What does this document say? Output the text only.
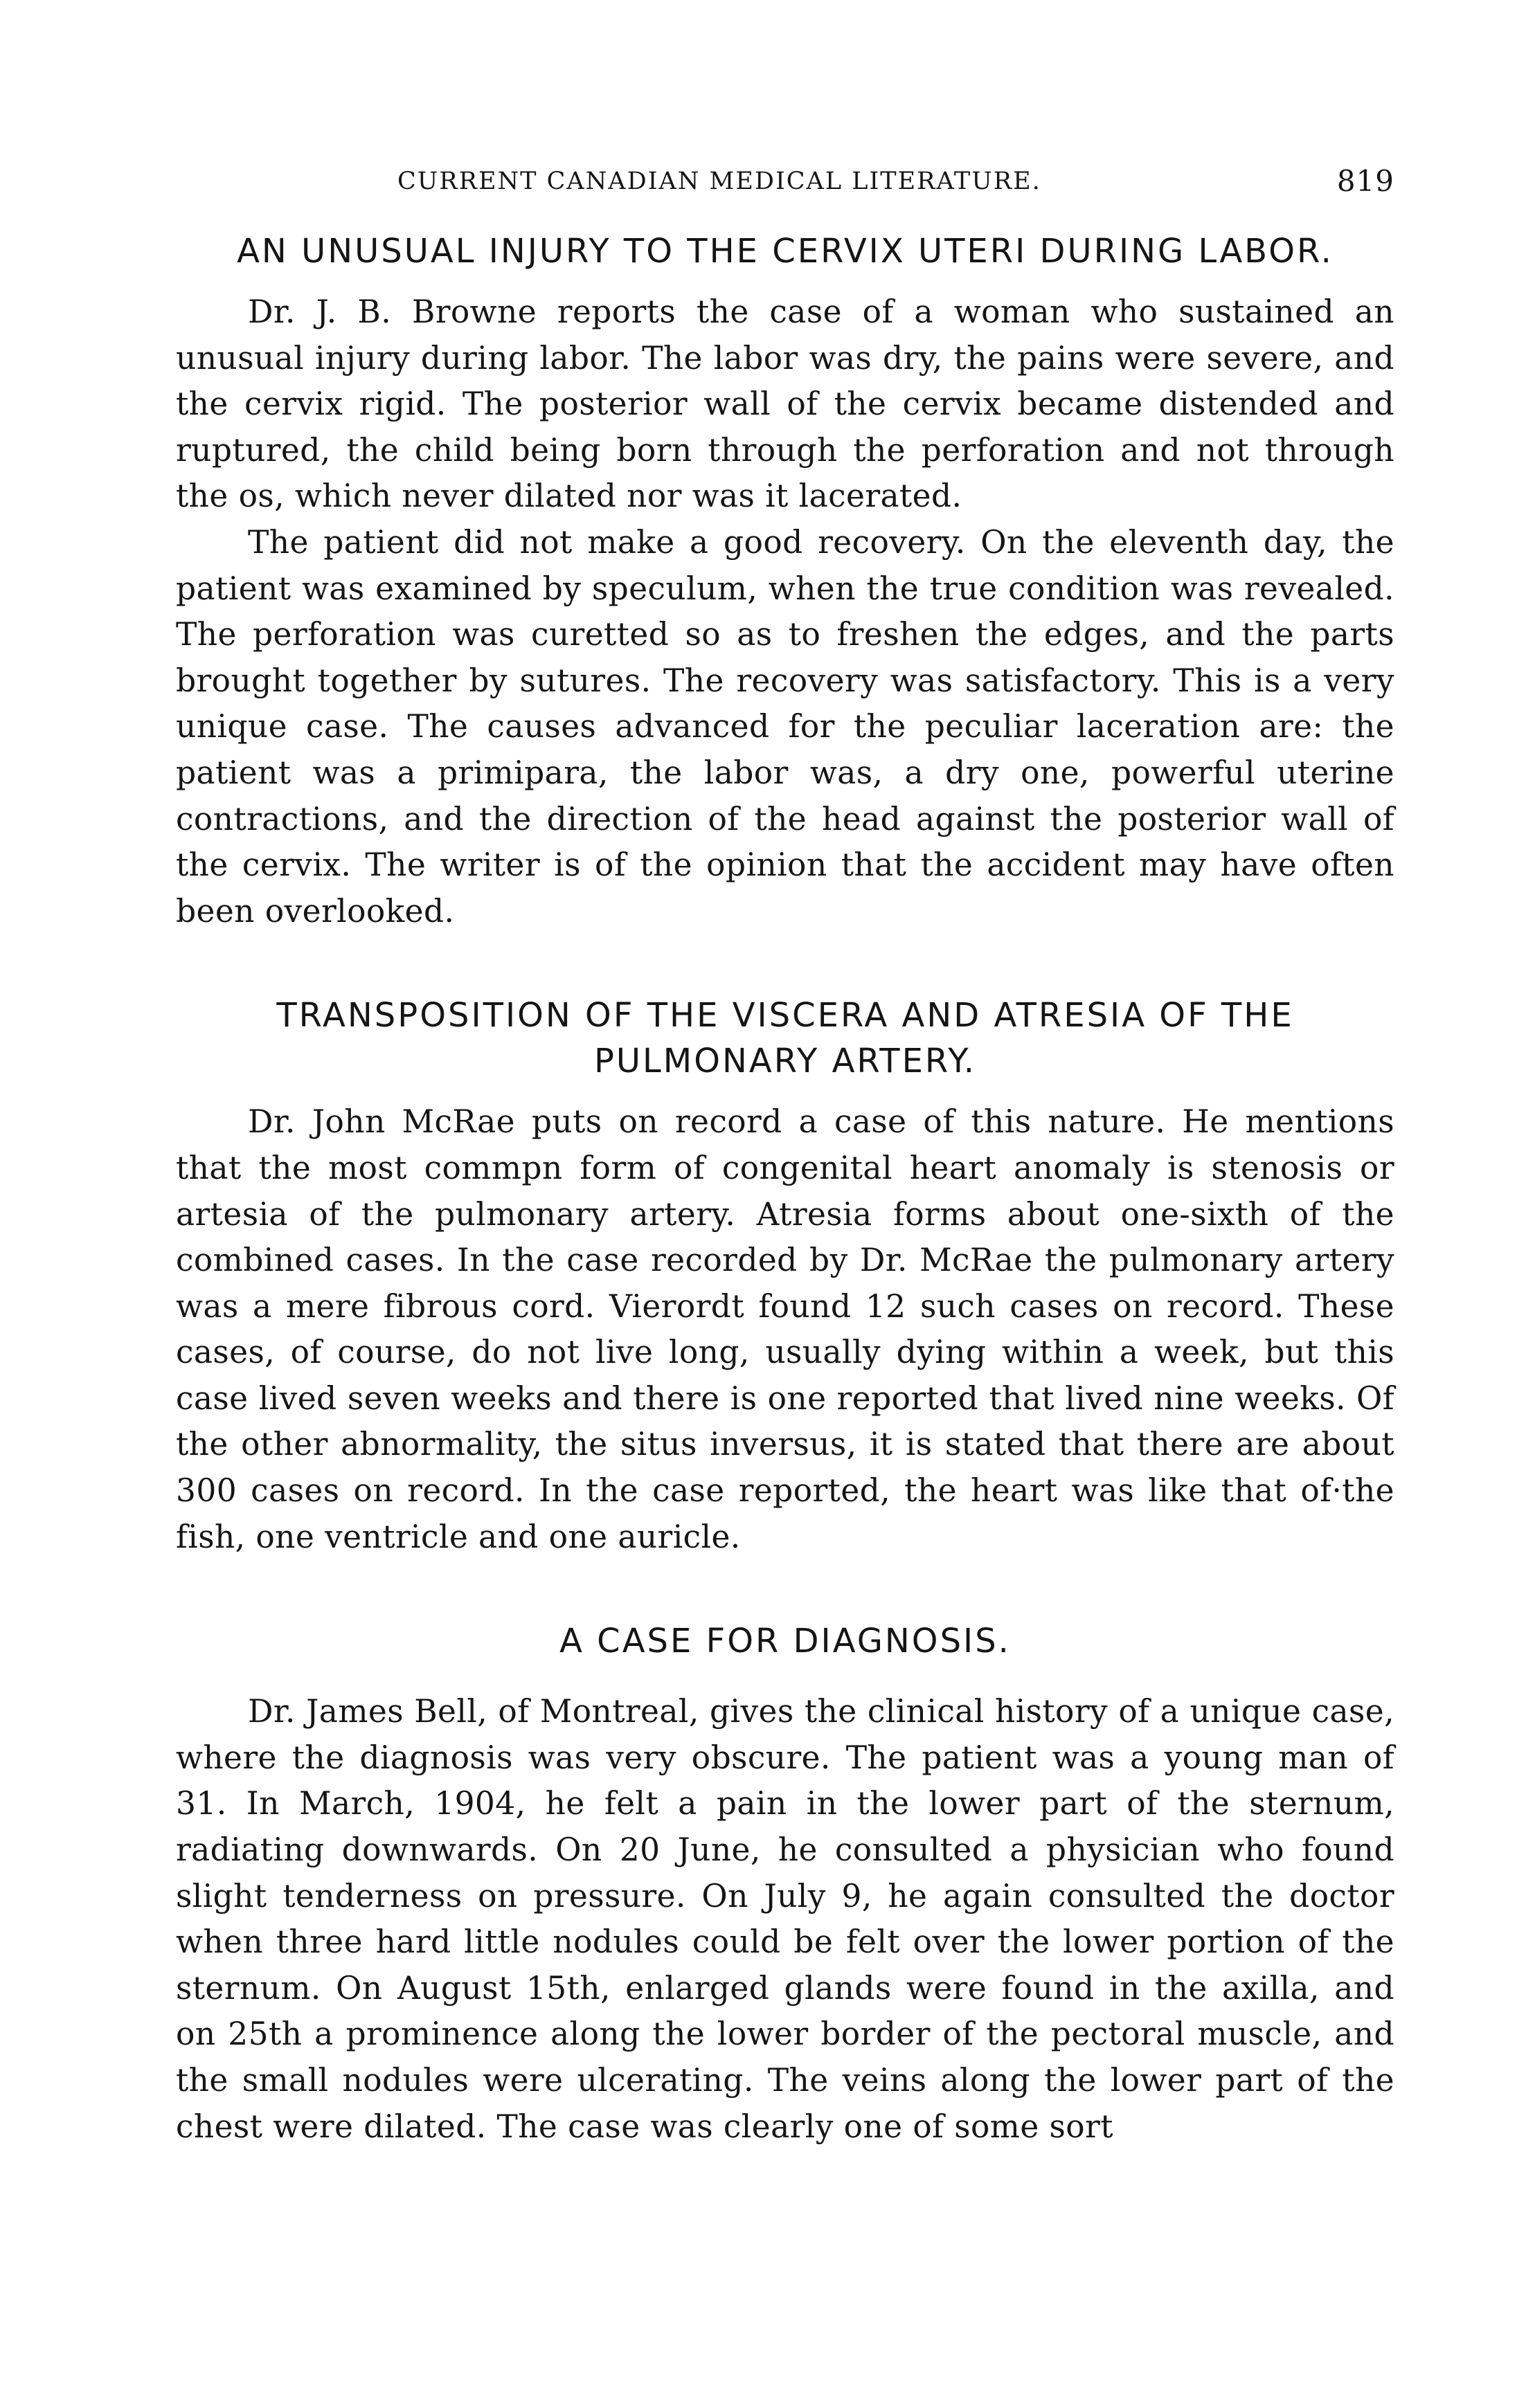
CURRENT CANADIAN MEDICAL LITERATURE.	819
AN UNUSUAL INJURY TO THE CERVIX UTERI DURING LABOR.

Dr. J. B. Browne reports the case of a woman who sustained an unusual injury during labor. The labor was dry, the pains were severe, and the cervix rigid. The posterior wall of the cervix became distended and ruptured, the child being born through the perforation and not through the os, which never dilated nor was it lacerated.

The patient did not make a good recovery. On the eleventh day, the patient was examined by speculum, when the true condition was revealed. The perforation was curetted so as to freshen the edges, and the parts brought together by sutures. The recovery was satisfactory. This is a very unique case. The causes advanced for the peculiar laceration are: the patient was a primipara, the labor was, a dry one, powerful uterine contractions, and the direction of the head against the posterior wall of the cervix. The writer is of the opinion that the accident may have often been overlooked.

TRANSPOSITION OF THE VISCERA AND ATRESIA OF THE PULMONARY ARTERY.

Dr. John McRae puts on record a case of this nature. He mentions that the most commpn form of congenital heart anomaly is stenosis or artesia of the pulmonary artery. Atresia forms about one-sixth of the combined cases. In the case recorded by Dr. McRae the pulmonary artery was a mere fibrous cord. Vierordt found 12 such cases on record. These cases, of course, do not live long, usually dying within a week, but this case lived seven weeks and there is one reported that lived nine weeks. Of the other abnormality, the situs inversus, it is stated that there are about 300 cases on record. In the case reported, the heart was like that of·the fish, one ventricle and one auricle.

A CASE FOR DIAGNOSIS.

Dr. James Bell, of Montreal, gives the clinical history of a unique case, where the diagnosis was very obscure. The patient was a young man of 31. In March, 1904, he felt a pain in the lower part of the sternum, radiating downwards. On 20 June, he consulted a physician who found slight tenderness on pressure. On July 9, he again consulted the doctor when three hard little nodules could be felt over the lower portion of the sternum. On August 15th, enlarged glands were found in the axilla, and on 25th a prominence along the lower border of the pectoral muscle, and the small nodules were ulcerating. The veins along the lower part of the chest were dilated. The case was clearly one of some sort
